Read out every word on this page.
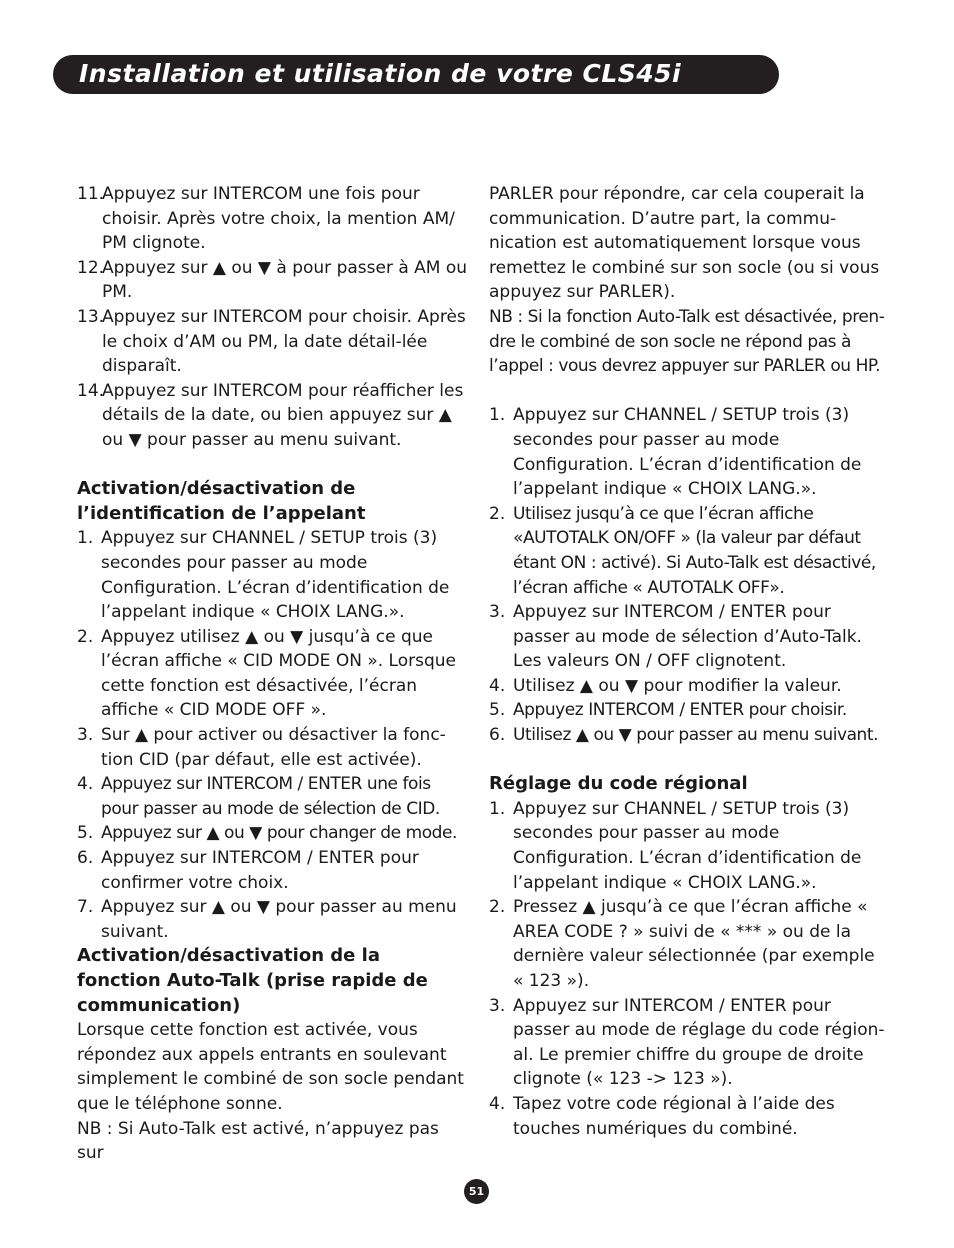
Installation et utilisation de votre CLS45i
11.
Appuyez sur INTERCOM une fois pour choisir. Après votre choix, la mention AM/ PM clignote.
12.
Appuyez sur ▲ ou ▼ à pour passer à AM ou PM.
13.
Appuyez sur INTERCOM pour choisir. Après le choix d’AM ou PM, la date détail-lée disparaît.
14.
Appuyez sur INTERCOM pour réafficher les détails de la date, ou bien appuyez sur ▲ ou ▼ pour passer au menu suivant.
Activation/désactivation de l’identification de l’appelant
1. Appuyez sur CHANNEL / SETUP trois (3) secondes pour passer au mode Configuration. L’écran d’identification de l’appelant indique « CHOIX LANG.».
2. Appuyez utilisez ▲ ou ▼ jusqu’à ce que l’écran affiche « CID MODE ON ». Lorsque cette fonction est désactivée, l’écran affiche « CID MODE OFF ».
3. Sur ▲ pour activer ou désactiver la fonc-tion CID (par défaut, elle est activée).
4. Appuyez sur INTERCOM / ENTER une fois pour passer au mode de sélection de CID.
5. Appuyez sur ▲ ou ▼ pour changer de mode.
6. Appuyez sur INTERCOM / ENTER pour confirmer votre choix.
7. Appuyez sur ▲ ou ▼ pour passer au menu suivant.
Activation/désactivation de la fonction Auto-Talk (prise rapide de communication)
Lorsque cette fonction est activée, vous répondez aux appels entrants en soulevant simplement le combiné de son socle pendant que le téléphone sonne.
NB : Si Auto-Talk est activé, n’appuyez pas sur
PARLER pour répondre, car cela couperait la communication. D’autre part, la commu-nication est automatiquement lorsque vous remettez le combiné sur son socle (ou si vous appuyez sur PARLER).
NB : Si la fonction Auto-Talk est désactivée, pren-dre le combiné de son socle ne répond pas à l’appel : vous devrez appuyer sur PARLER ou HP.
1. Appuyez sur CHANNEL / SETUP trois (3) secondes pour passer au mode Configuration. L’écran d’identification de l’appelant indique « CHOIX LANG.».
2. Utilisez jusqu’à ce que l’écran affiche «AUTOTALK ON/OFF » (la valeur par défaut étant ON : activé). Si Auto-Talk est désactivé, l’écran affiche « AUTOTALK OFF».
3. Appuyez sur INTERCOM / ENTER pour passer au mode de sélection d’Auto-Talk. Les valeurs ON / OFF clignotent.
4. Utilisez ▲ ou ▼ pour modifier la valeur.
5. Appuyez INTERCOM / ENTER pour choisir.
6. Utilisez ▲ ou ▼ pour passer au menu suivant.
Réglage du code régional
1. Appuyez sur CHANNEL / SETUP trois (3) secondes pour passer au mode Configuration. L’écran d’identification de l’appelant indique « CHOIX LANG.».
2. Pressez ▲ jusqu’à ce que l’écran affiche « AREA CODE ? » suivi de « *** » ou de la dernière valeur sélectionnée (par exemple « 123 »).
3. Appuyez sur INTERCOM / ENTER pour passer au mode de réglage du code région-al. Le premier chiffre du groupe de droite clignote (« 123 -> 123 »).
4. Tapez votre code régional à l’aide des touches numériques du combiné.
51
